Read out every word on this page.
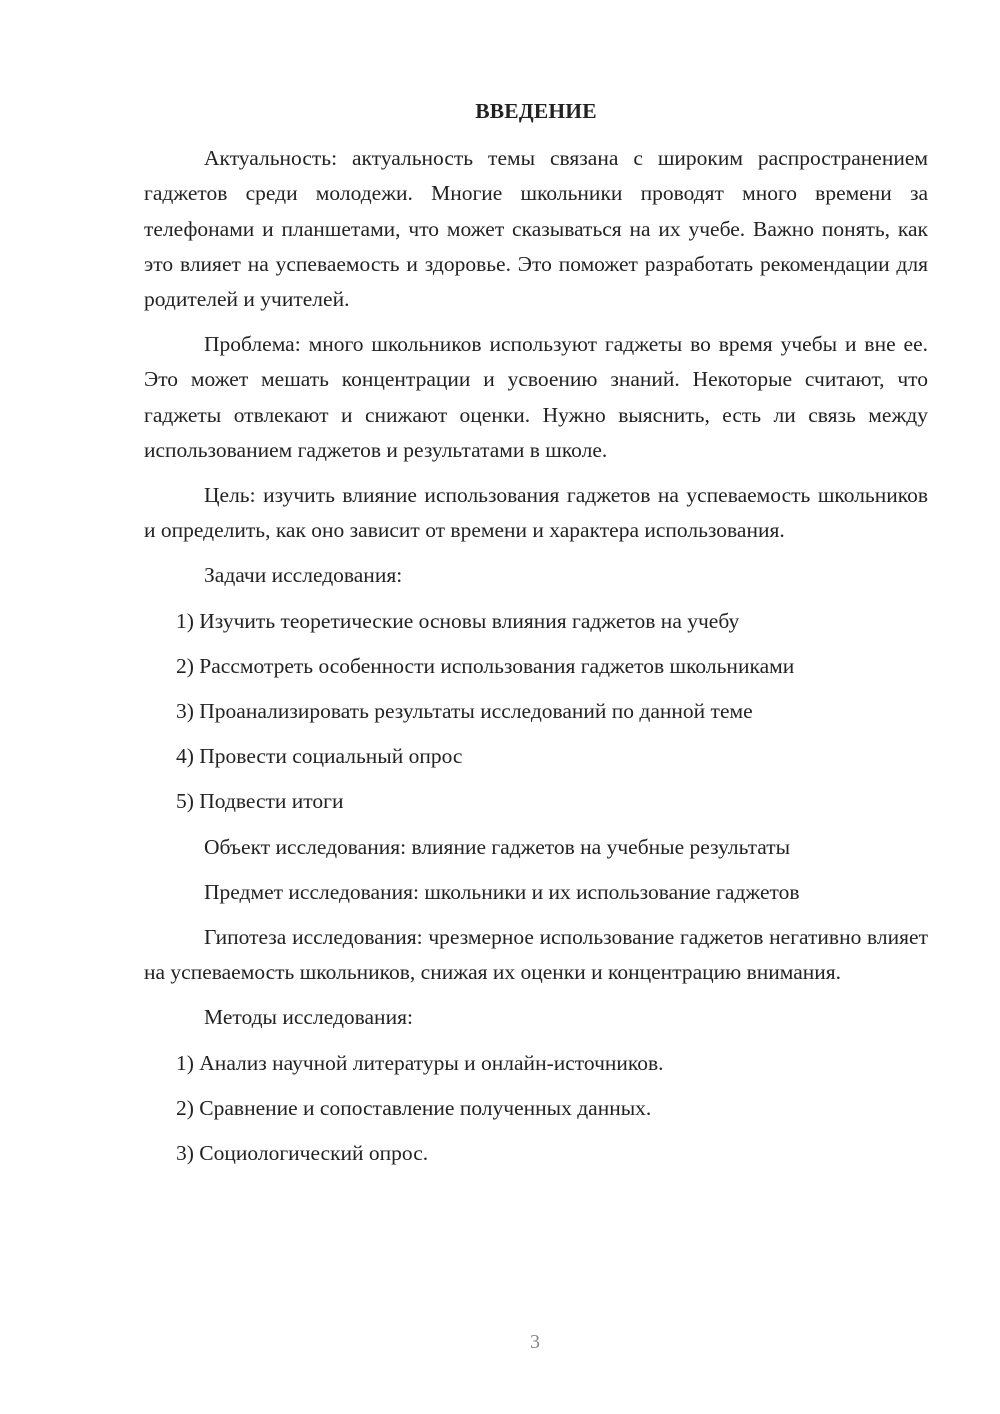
ВВЕДЕНИЕ

Актуальность: актуальность темы связана с широким распространением гаджетов среди молодежи. Многие школьники проводят много времени за телефонами и планшетами, что может сказываться на их учебе. Важно понять, как это влияет на успеваемость и здоровье. Это поможет разработать рекомендации для родителей и учителей.

Проблема: много школьников используют гаджеты во время учебы и вне ее. Это может мешать концентрации и усвоению знаний. Некоторые считают, что гаджеты отвлекают и снижают оценки. Нужно выяснить, есть ли связь между использованием гаджетов и результатами в школе.

Цель: изучить влияние использования гаджетов на успеваемость школьников и определить, как оно зависит от времени и характера использования.

Задачи исследования:

1) Изучить теоретические основы влияния гаджетов на учебу
2) Рассмотреть особенности использования гаджетов школьниками
3) Проанализировать результаты исследований по данной теме
4) Провести социальный опрос
5) Подвести итоги

Объект исследования: влияние гаджетов на учебные результаты

Предмет исследования: школьники и их использование гаджетов

Гипотеза исследования: чрезмерное использование гаджетов негативно влияет на успеваемость школьников, снижая их оценки и концентрацию внимания.

Методы исследования:

1) Анализ научной литературы и онлайн-источников.
2) Сравнение и сопоставление полученных данных.
3) Социологический опрос.
3
